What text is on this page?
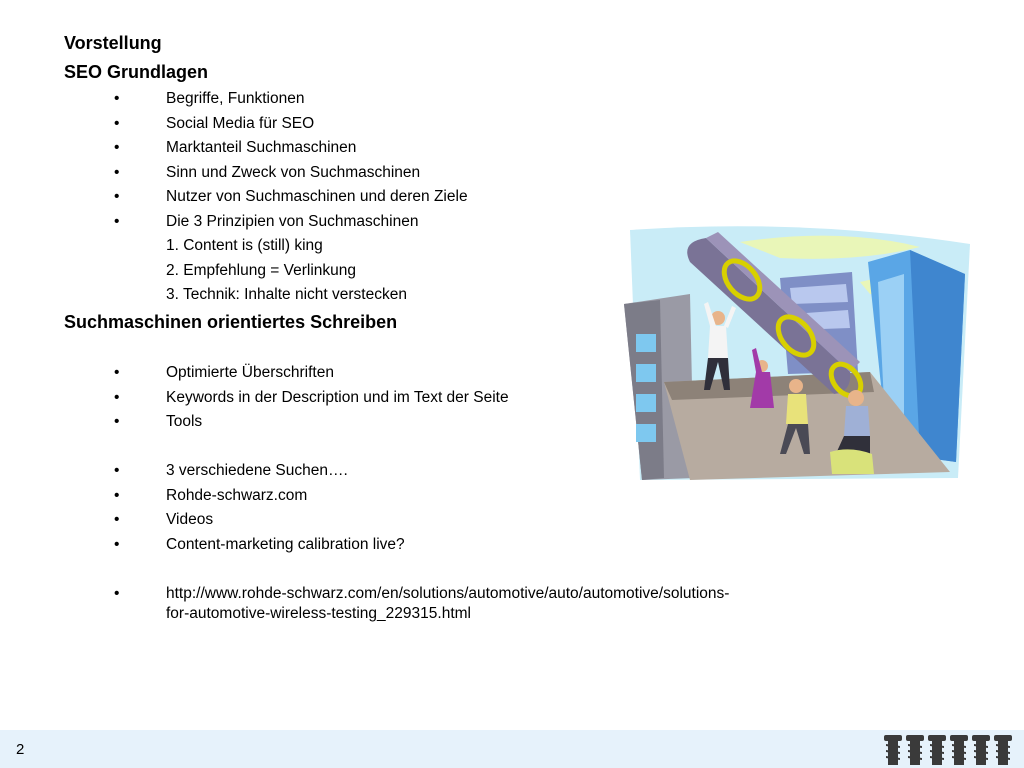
Vorstellung
SEO Grundlagen
•	Begriffe, Funktionen
•	Social Media für SEO
•	Marktanteil Suchmaschinen
•	Sinn und Zweck von Suchmaschinen
•	Nutzer von Suchmaschinen und deren Ziele
•	Die 3 Prinzipien von Suchmaschinen
1. Content is (still) king
2. Empfehlung = Verlinkung
3. Technik: Inhalte nicht verstecken
Suchmaschinen orientiertes Schreiben
•	Optimierte Überschriften
•	Keywords in der Description und im Text der Seite
•	Tools
•	3 verschiedene Suchen….
•	Rohde-schwarz.com
•	Videos
•	Content-marketing calibration live?
•	http://www.rohde-schwarz.com/en/solutions/automotive/auto/automotive/solutions-
for-automotive-wireless-testing_229315.html
2
